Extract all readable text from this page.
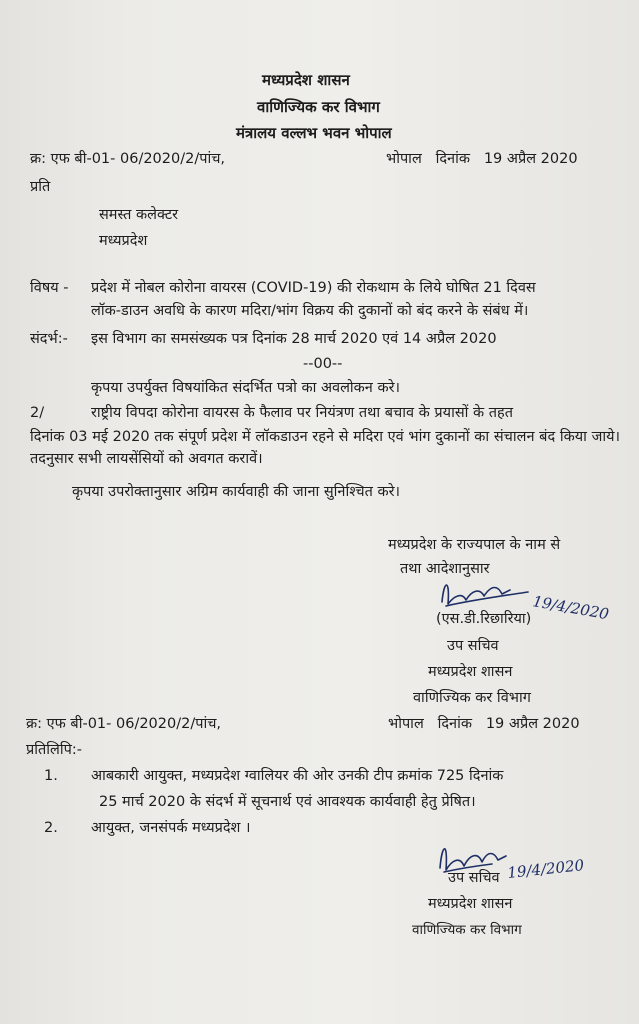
मध्यप्रदेश शासन
वाणिज्यिक कर विभाग
मंत्रालय वल्लभ भवन भोपाल
क्र: एफ बी-01- 06/2020/2/पांच,	भोपाल   दिनांक   19 अप्रैल 2020
प्रति
समस्त कलेक्टर
मध्यप्रदेश
विषय - प्रदेश में नोबल कोरोना वायरस (COVID-19) की रोकथाम के लिये घोषित 21 दिवस
लॉक-डाउन अवधि के कारण मदिरा/भांग विक्रय की दुकानों को बंद करने के संबंध में।
संदर्भ:- इस विभाग का समसंख्यक पत्र दिनांक 28 मार्च 2020 एवं 14 अप्रैल 2020
--00--
कृपया उपर्युक्त विषयांकित संदर्भित पत्रो का अवलोकन करे।
2/	राष्ट्रीय विपदा कोरोना वायरस के फैलाव पर नियंत्रण तथा बचाव के प्रयासों के तहत
दिनांक 03 मई 2020 तक संपूर्ण प्रदेश में लॉकडाउन रहने से मदिरा एवं भांग दुकानों का संचालन बंद किया जाये। तदनुसार सभी लायसेंसियों को अवगत करावें।
कृपया उपरोक्तानुसार अग्रिम कार्यवाही की जाना सुनिश्चित करे।
मध्यप्रदेश के राज्यपाल के नाम से
तथा आदेशानुसार
19/4/2020
(एस.डी.रिछारिया)
उप सचिव
मध्यप्रदेश शासन
वाणिज्यिक कर विभाग
क्र: एफ बी-01- 06/2020/2/पांच,	भोपाल   दिनांक   19 अप्रैल 2020
प्रतिलिपि:-
1. आबकारी आयुक्त, मध्यप्रदेश ग्वालियर की ओर उनकी टीप क्रमांक 725 दिनांक
25 मार्च 2020 के संदर्भ में सूचनार्थ एवं आवश्यक कार्यवाही हेतु प्रेषित।
2. आयुक्त, जनसंपर्क मध्यप्रदेश ।
19/4/2020
उप सचिव
मध्यप्रदेश शासन
वाणिज्यिक कर विभाग
